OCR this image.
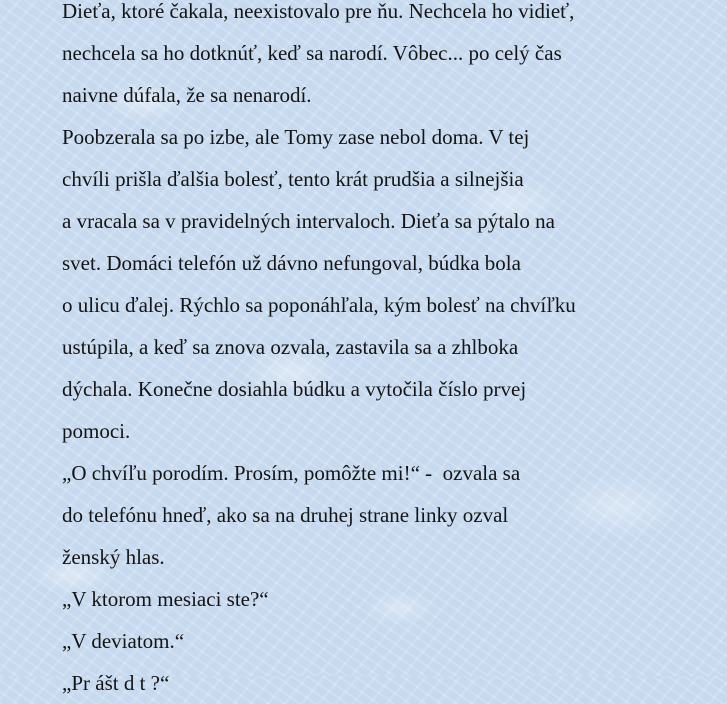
Dieťa, ktoré čakala, neexistovalo pre ňu. Nechcela ho vidieť,
nechcela sa ho dotknúť, keď sa narodí. Vôbec... po celý čas
naivne dúfala, že sa nenarodí.
Poobzerala sa po izbe, ale Tomy zase nebol doma. V tej
chvíli prišla ďalšia bolesť, tento krát prudšia a silnejšia
a vracala sa v pravidelných intervaloch. Dieťa sa pýtalo na
svet. Domáci telefón už dávno nefungoval, búdka bola
o ulicu ďalej. Rýchlo sa poponáhľala, kým bolesť na chvíľku
ustúpila, a keď sa znova ozvala, zastavila sa a zhlboka
dýchala. Konečne dosiahla búdku a vytočila číslo prvej
pomoci.
„O chvíľu porodím. Prosím, pomôžte mi!“ -  ozvala sa
do telefónu hneď, ako sa na druhej strane linky ozval
ženský hlas.
„V ktorom mesiaci ste?“
„V deviatom.“
„Pr ášt d t ?“
